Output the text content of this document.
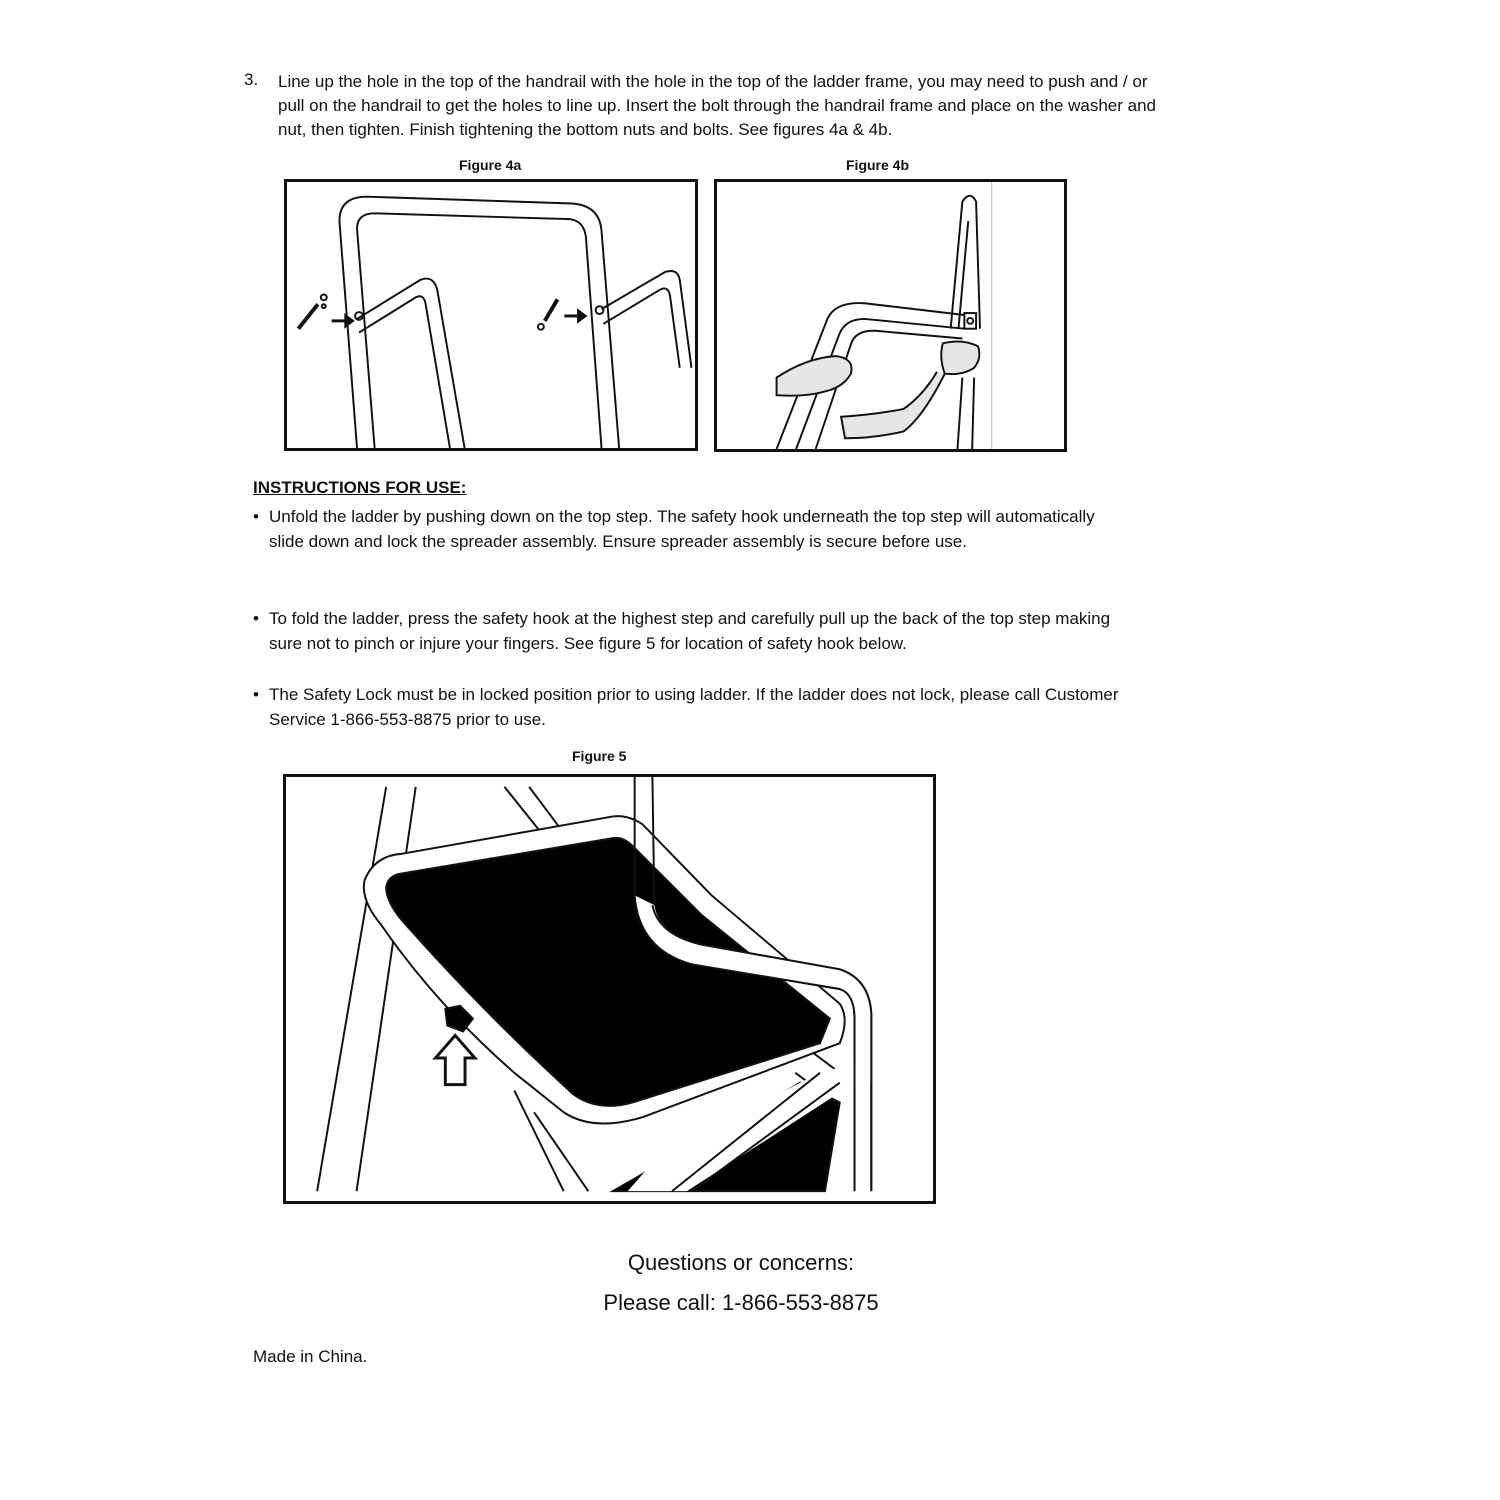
3. Line up the hole in the top of the handrail with the hole in the top of the ladder frame, you may need to push and / or pull on the handrail to get the holes to line up. Insert the bolt through the handrail frame and place on the washer and nut, then tighten. Finish tightening the bottom nuts and bolts. See figures 4a & 4b.
Figure 4a	Figure 4b
INSTRUCTIONS FOR USE:
• Unfold the ladder by pushing down on the top step. The safety hook underneath the top step will automatically slide down and lock the spreader assembly. Ensure spreader assembly is secure before use.
• To fold the ladder, press the safety hook at the highest step and carefully pull up the back of the top step making sure not to pinch or injure your fingers. See figure 5 for location of safety hook below.
• The Safety Lock must be in locked position prior to using ladder. If the ladder does not lock, please call Customer Service 1-866-553-8875 prior to use.
Figure 5
Questions or concerns:
Please call: 1-866-553-8875
Made in China.
